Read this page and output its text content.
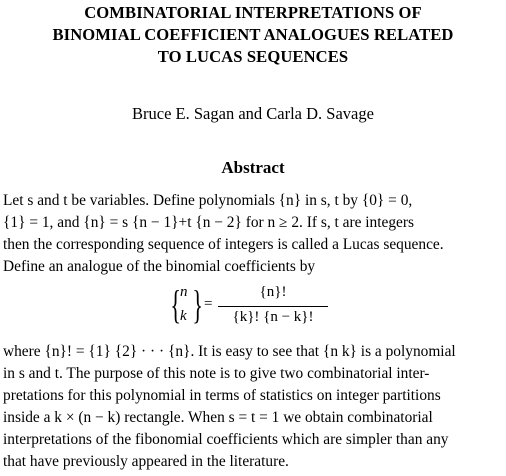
COMBINATORIAL INTERPRETATIONS OF
BINOMIAL COEFFICIENT ANALOGUES RELATED
TO LUCAS SEQUENCES
Bruce E. Sagan and Carla D. Savage
Abstract
Let s and t be variables. Define polynomials {n} in s, t by {0} = 0,
{1} = 1, and {n} = s {n − 1}+t {n − 2} for n ≥ 2. If s, t are integers
then the corresponding sequence of integers is called a Lucas sequence.
Define an analogue of the binomial coefficients by
{ n
k } =
{n}!
{k}! {n − k}!
where {n}! = {1} {2} · · · {n}. It is easy to see that {n k} is a polynomial
in s and t. The purpose of this note is to give two combinatorial inter-
pretations for this polynomial in terms of statistics on integer partitions
inside a k × (n − k) rectangle. When s = t = 1 we obtain combinatorial
interpretations of the fibonomial coefficients which are simpler than any
that have previously appeared in the literature.
